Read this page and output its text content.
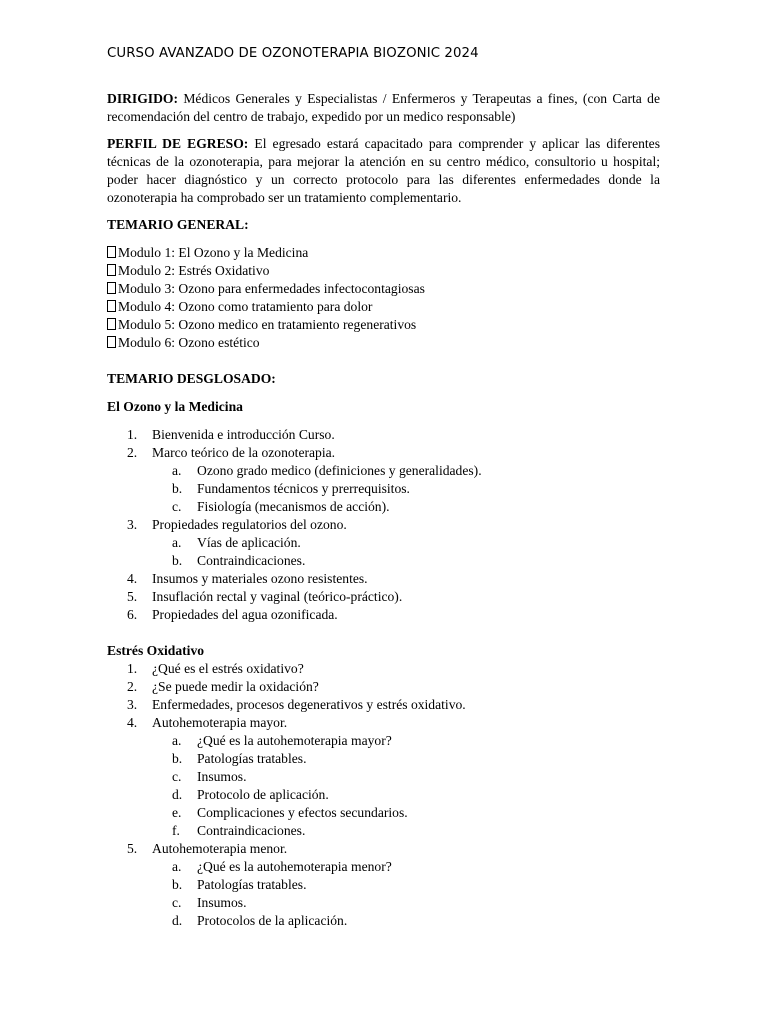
CURSO AVANZADO DE OZONOTERAPIA BIOZONIC 2024

DIRIGIDO: Médicos Generales y Especialistas / Enfermeros y Terapeutas a fines, (con Carta de recomendación del centro de trabajo, expedido por un medico responsable)

PERFIL DE EGRESO: El egresado estará capacitado para comprender y aplicar las diferentes técnicas de la ozonoterapia, para mejorar la atención en su centro médico, consultorio u hospital; poder hacer diagnóstico y un correcto protocolo para las diferentes enfermedades donde la ozonoterapia ha comprobado ser un tratamiento complementario.

TEMARIO GENERAL:
Modulo 1: El Ozono y la Medicina
Modulo 2: Estrés Oxidativo
Modulo 3: Ozono para enfermedades infectocontagiosas
Modulo 4: Ozono como tratamiento para dolor
Modulo 5: Ozono medico en tratamiento regenerativos
Modulo 6: Ozono estético
TEMARIO DESGLOSADO:
El Ozono y la Medicina
1.	Bienvenida e introducción Curso.
2.	Marco teórico de la ozonoterapia.
a.	Ozono grado medico (definiciones y generalidades).
b.	Fundamentos técnicos y prerrequisitos.
c.	Fisiología (mecanismos de acción).
3.	Propiedades regulatorios del ozono.
a.	Vías de aplicación.
b.	Contraindicaciones.
4.	Insumos y materiales ozono resistentes.
5.	Insuflación rectal y vaginal (teórico-práctico).
6.	Propiedades del agua ozonificada.
Estrés Oxidativo
1.	¿Qué es el estrés oxidativo?
2.	¿Se puede medir la oxidación?
3.	Enfermedades, procesos degenerativos y estrés oxidativo.
4.	Autohemoterapia mayor.
a.	¿Qué es la autohemoterapia mayor?
b.	Patologías tratables.
c.	Insumos.
d.	Protocolo de aplicación.
e.	Complicaciones y efectos secundarios.
f.	Contraindicaciones.
5.	Autohemoterapia menor.
a.	¿Qué es la autohemoterapia menor?
b.	Patologías tratables.
c.	Insumos.
d.	Protocolos de la aplicación.
